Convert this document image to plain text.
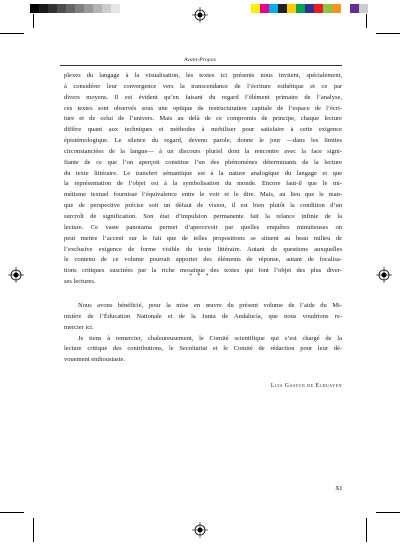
Avant-Propos
plexes du langage à la visualisation, les textes ici présents nous invitent, spécialement,
à considérer leur convergence vers la transcendance de l’écriture esthétique et ce par
divers moyens. Il est évident qu’en faisant du regard l’élément primaire de l’analyse,
ces textes sont observés sous une optique de restructuration capitale de l’espace de l’écri-
ture et de celui de l’univers. Mais au delà de ce compromis de principe, chaque lecture
diffère quant aux techniques et méthodes à mobiliser pour satisfaire à cette exigence
épistémologique. Le silence du regard, devenu parole, donne le jour —dans les limites
circonstanciées de la langue— à un discours pluriel dont la rencontre avec la face signi-
fiante de ce que l’on aperçoit constitue l’un des phénomènes déterminants de la lecture
du texte littéraire. Le transfert sémantique est à la nature analogique du langage et que
la représentation de l’objet est à la symbolisation du monde. Encore faut-il que le mi-
métisme textuel fournisse l’équivalence entre le voir et le dire. Mais, au lieu que le man-
que de perspective précise soit un défaut de vision, il est bien plutôt la condition d’un
surcroît de signification. Son état d’impulsion permanente fait la relance infinie de la
lecture. Ce vaste panorama permet d’apercevoir par quelles enquêtes minutieuses on
peut mettre l’accent sur le fait que de telles propositions se situent au beau milieu de
l’exclusive exigence de forme visible du texte littéraire. Autant de questions auxquelles
le contenu de ce volume pourrait apporter des éléments de réponse, autant de focalisa-
tions critiques suscitées par la riche mosaïque des textes qui font l’objet des plus diver-
ses lectures.
* * *
Nous avons bénéficié, pour la mise en œuvre du présent volume de l’aide du Mi-
nistère de l’Éducation Nationale et de la Junta de Andalucía, que nous voudrions re-
mercier ici.
Je tiens à remercier, chaleureusement, le Comité scientifique qui s’est chargé de la
lecture critique des contributions, le Secrétariat et le Comité de rédaction pour leur dé-
vouement enthousiaste.
Luis Gaston de Elduayen
XI
